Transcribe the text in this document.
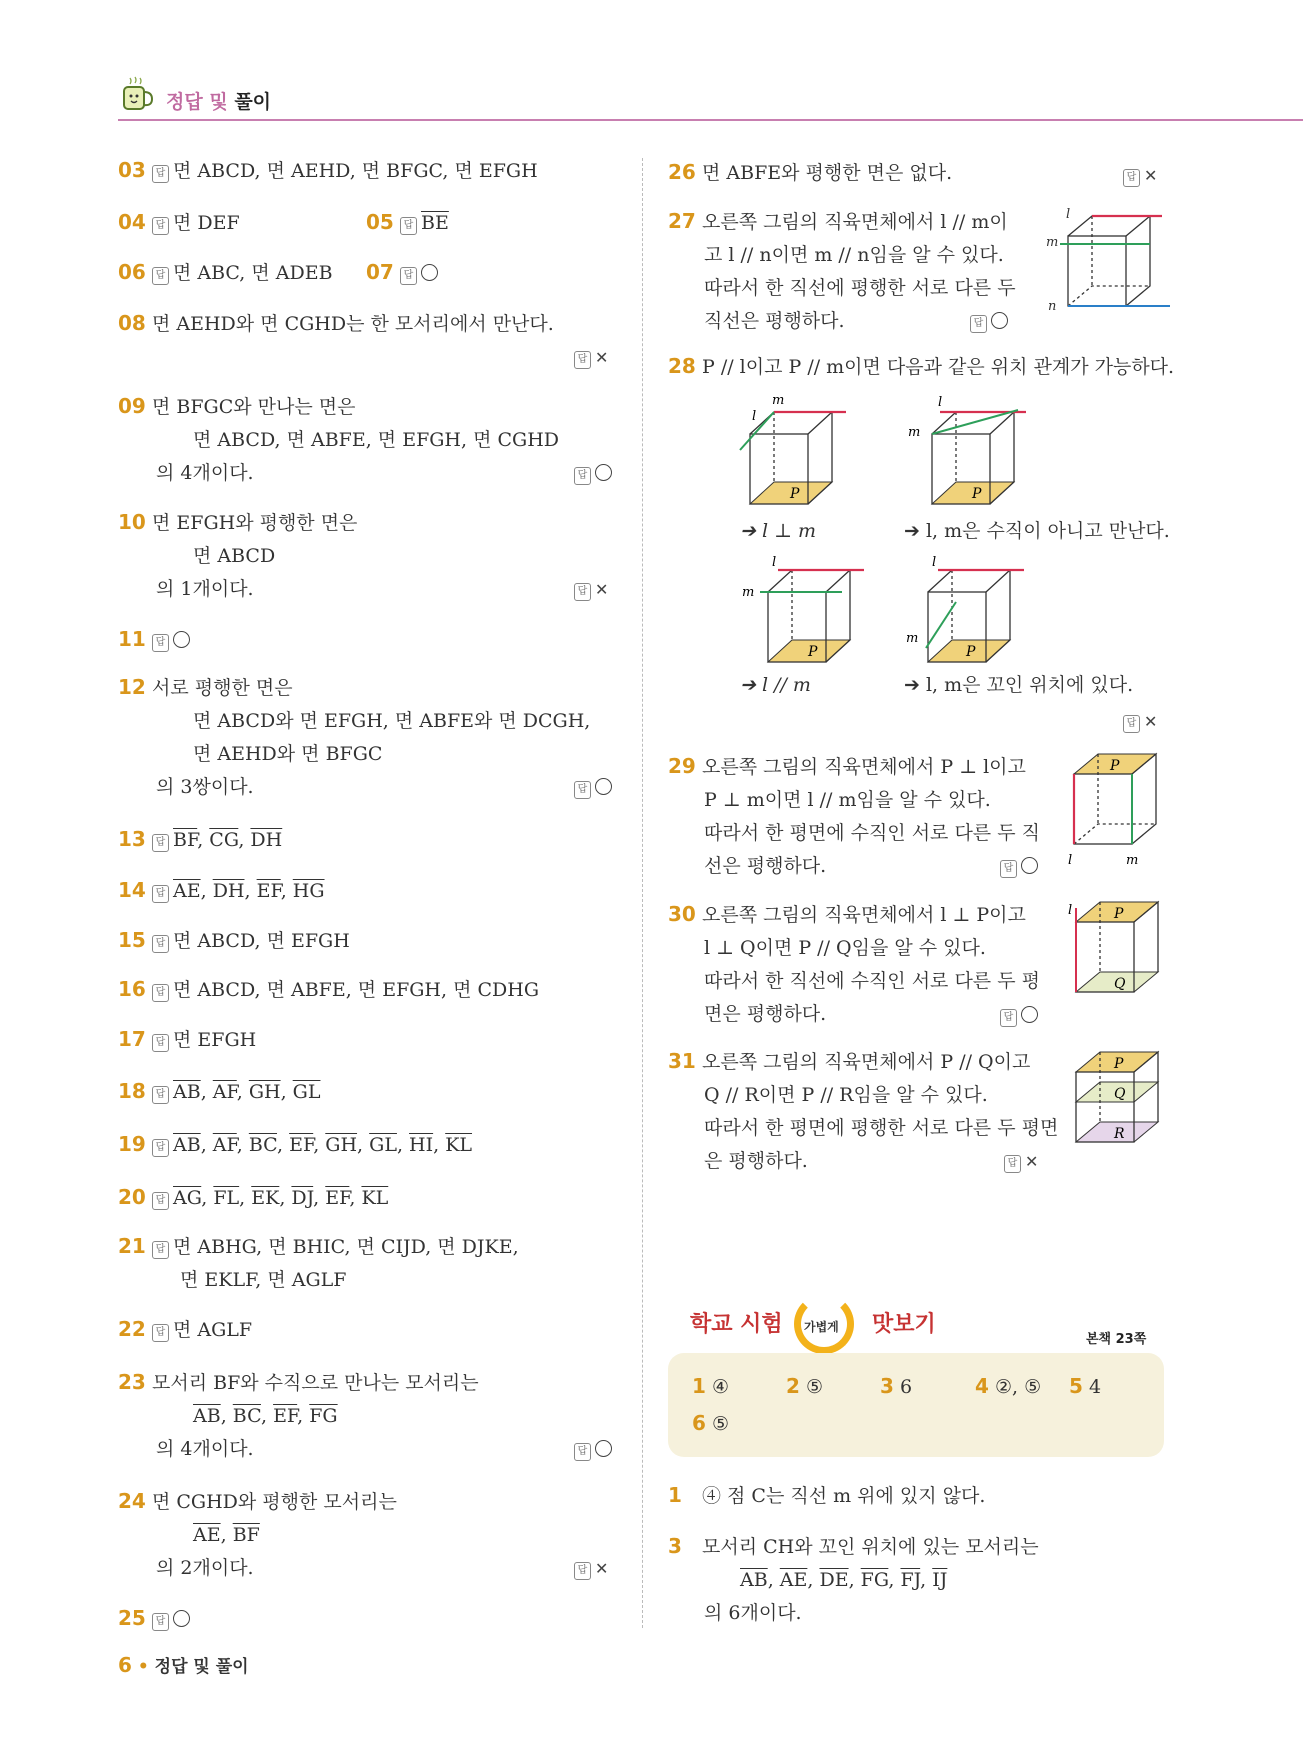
정답 및 풀이
03 답 면 ABCD, 면 AEHD, 면 BFGC, 면 EFGH
04 답 면 DEF	05 답 $\overline{BE}$
06 답 면 ABC, 면 ADEB 07 답
08 면 AEHD와 면 CGHD는 한 모서리에서 만난다.
답 ✕
09 면 BFGC와 만나는 면은
면 ABCD, 면 ABFE, 면 EFGH, 면 CGHD
의 4개이다.	답
10 면 EFGH와 평행한 면은
면 ABCD
의 1개이다.	답 ✕
11 답
12 서로 평행한 면은
면 ABCD와 면 EFGH, 면 ABFE와 면 DCGH,
면 AEHD와 면 BFGC
의 3쌍이다.	답
13 답 $\overline{BF}$, $\overline{CG}$, $\overline{DH}$
14 답 $\overline{AE}$, $\overline{DH}$, $\overline{EF}$, $\overline{HG}$
15 답 면 ABCD, 면 EFGH
16 답 면 ABCD, 면 ABFE, 면 EFGH, 면 CDHG
17 답 면 EFGH
18 답 $\overline{AB}$, $\overline{AF}$, $\overline{GH}$, $\overline{GL}$
19 답 $\overline{AB}$, $\overline{AF}$, $\overline{BC}$, $\overline{EF}$, $\overline{GH}$, $\overline{GL}$, $\overline{HI}$, $\overline{KL}$
20 답 $\overline{AG}$, $\overline{FL}$, $\overline{EK}$, $\overline{DJ}$, $\overline{EF}$, $\overline{KL}$
21 답 면 ABHG, 면 BHIC, 면 CIJD, 면 DJKE,
면 EKLF, 면 AGLF
22 답 면 AGLF
23 모서리 BF와 수직으로 만나는 모서리는
$\overline{AB}$, $\overline{BC}$, $\overline{EF}$, $\overline{FG}$
의 4개이다.	답
24 면 CGHD와 평행한 모서리는
$\overline{AE}$, $\overline{BF}$
의 2개이다.	답 ✕
25 답
26 면 ABFE와 평행한 면은 없다.	답 ✕
27 오른쪽 그림의 직육면체에서 l // m이
고 l // n이면 m // n임을 알 수 있다.
따라서 한 직선에 평행한 서로 다른 두
직선은 평행하다.	답
l
m
n
28 P // l이고 P // m이면 다음과 같은 위치 관계가 가능하다.
m
l
P
l
m
P
➔ l ⊥ m	➔ l, m은 수직이 아니고 만난다.
l
m
P
l
m
P
➔ l // m	➔ l, m은 꼬인 위치에 있다.
답 ✕
29 오른쪽 그림의 직육면체에서 P ⊥ l이고
P ⊥ m이면 l // m임을 알 수 있다.
따라서 한 평면에 수직인 서로 다른 두 직
선은 평행하다.	답
P
l	m
30 오른쪽 그림의 직육면체에서 l ⊥ P이고
l ⊥ Q이면 P // Q임을 알 수 있다.
따라서 한 직선에 수직인 서로 다른 두 평
면은 평행하다.	답
l	P
Q
31 오른쪽 그림의 직육면체에서 P // Q이고
Q // R이면 P // R임을 알 수 있다.
따라서 한 평면에 평행한 서로 다른 두 평면
은 평행하다.	답 ✕
P
Q
R
학교 시험 가볍게 맛보기
본책 23쪽
1 ④	2 ⑤	3 6	4 ②, ⑤ 5 4
6 ⑤
1 ④ 점 C는 직선 m 위에 있지 않다.
3 모서리 CH와 꼬인 위치에 있는 모서리는
$\overline{AB}$, $\overline{AE}$, $\overline{DE}$, $\overline{FG}$, $\overline{FJ}$, $\overline{IJ}$
의 6개이다.
6 • 정답 및 풀이
